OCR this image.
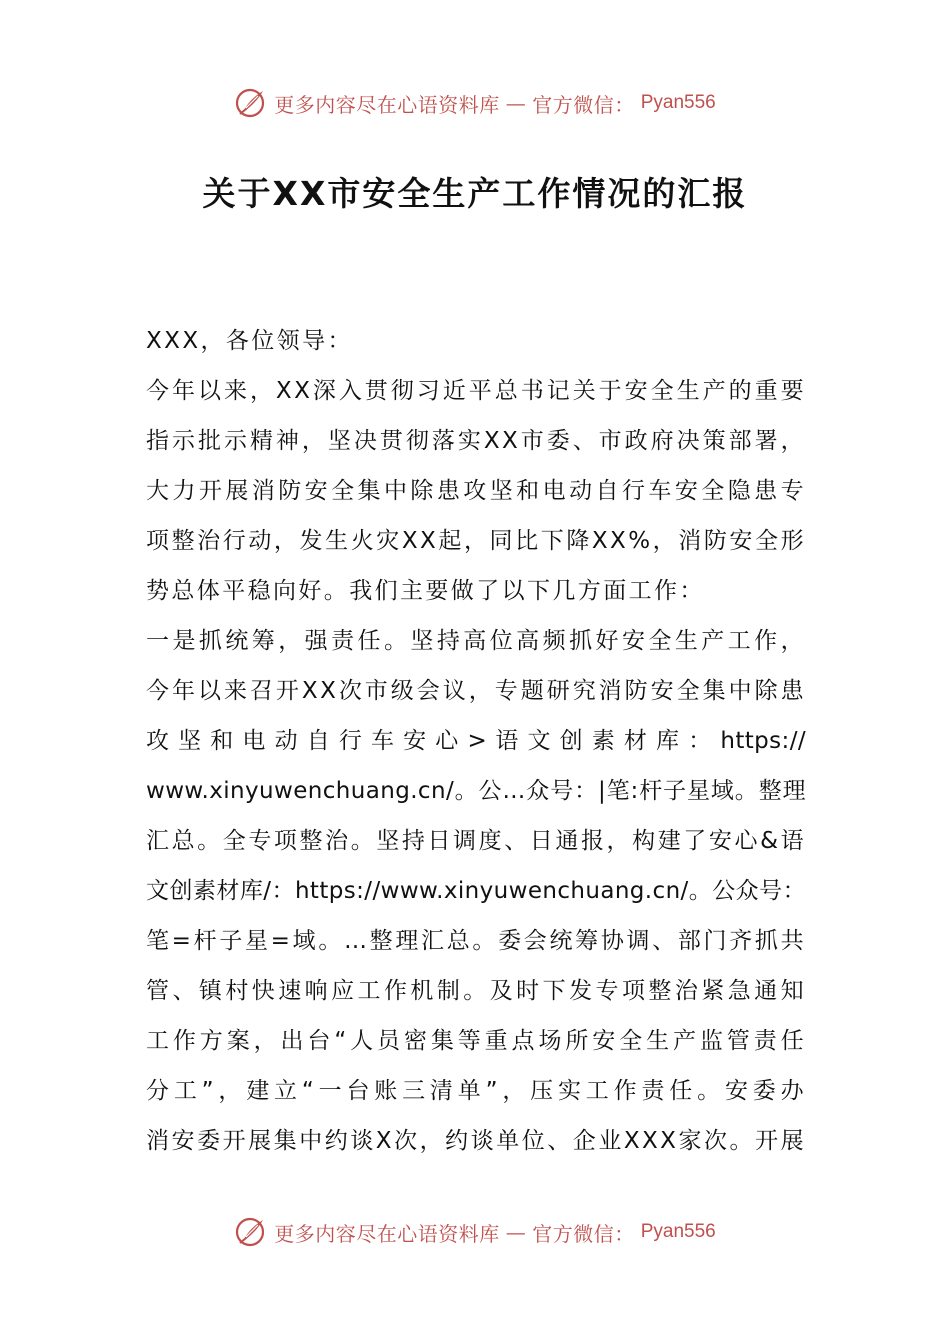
更多内容尽在心语资料库 — 官方微信： Pyan556
关于XX市安全生产工作情况的汇报
XXX，各位领导：
今年以来，XX深入贯彻习近平总书记关于安全生产的重要
指示批示精神，坚决贯彻落实XX市委、市政府决策部署，
大力开展消防安全集中除患攻坚和电动自行车安全隐患专
项整治行动，发生火灾XX起，同比下降XX%，消防安全形
势总体平稳向好。我们主要做了以下几方面工作：
一是抓统筹，强责任。坚持高位高频抓好安全生产工作，
今年以来召开XX次市级会议，专题研究消防安全集中除患
攻 坚 和 电 动 自 行 车 安 心 > 语 文 创 素 材 库 ： https://
www.xinyuwenchuang.cn/。公…众号：|笔:杆子星域。整理
汇总。全专项整治。坚持日调度、日通报，构建了安心&语
文创素材库/：https://www.xinyuwenchuang.cn/。公众号：
笔=杆子星=域。…整理汇总。委会统筹协调、部门齐抓共
管、镇村快速响应工作机制。及时下发专项整治紧急通知
工作方案，出台“人员密集等重点场所安全生产监管责任
分工”，建立“一台账三清单”，压实工作责任。安委办
消安委开展集中约谈X次，约谈单位、企业XXX家次。开展
更多内容尽在心语资料库 — 官方微信： Pyan556
